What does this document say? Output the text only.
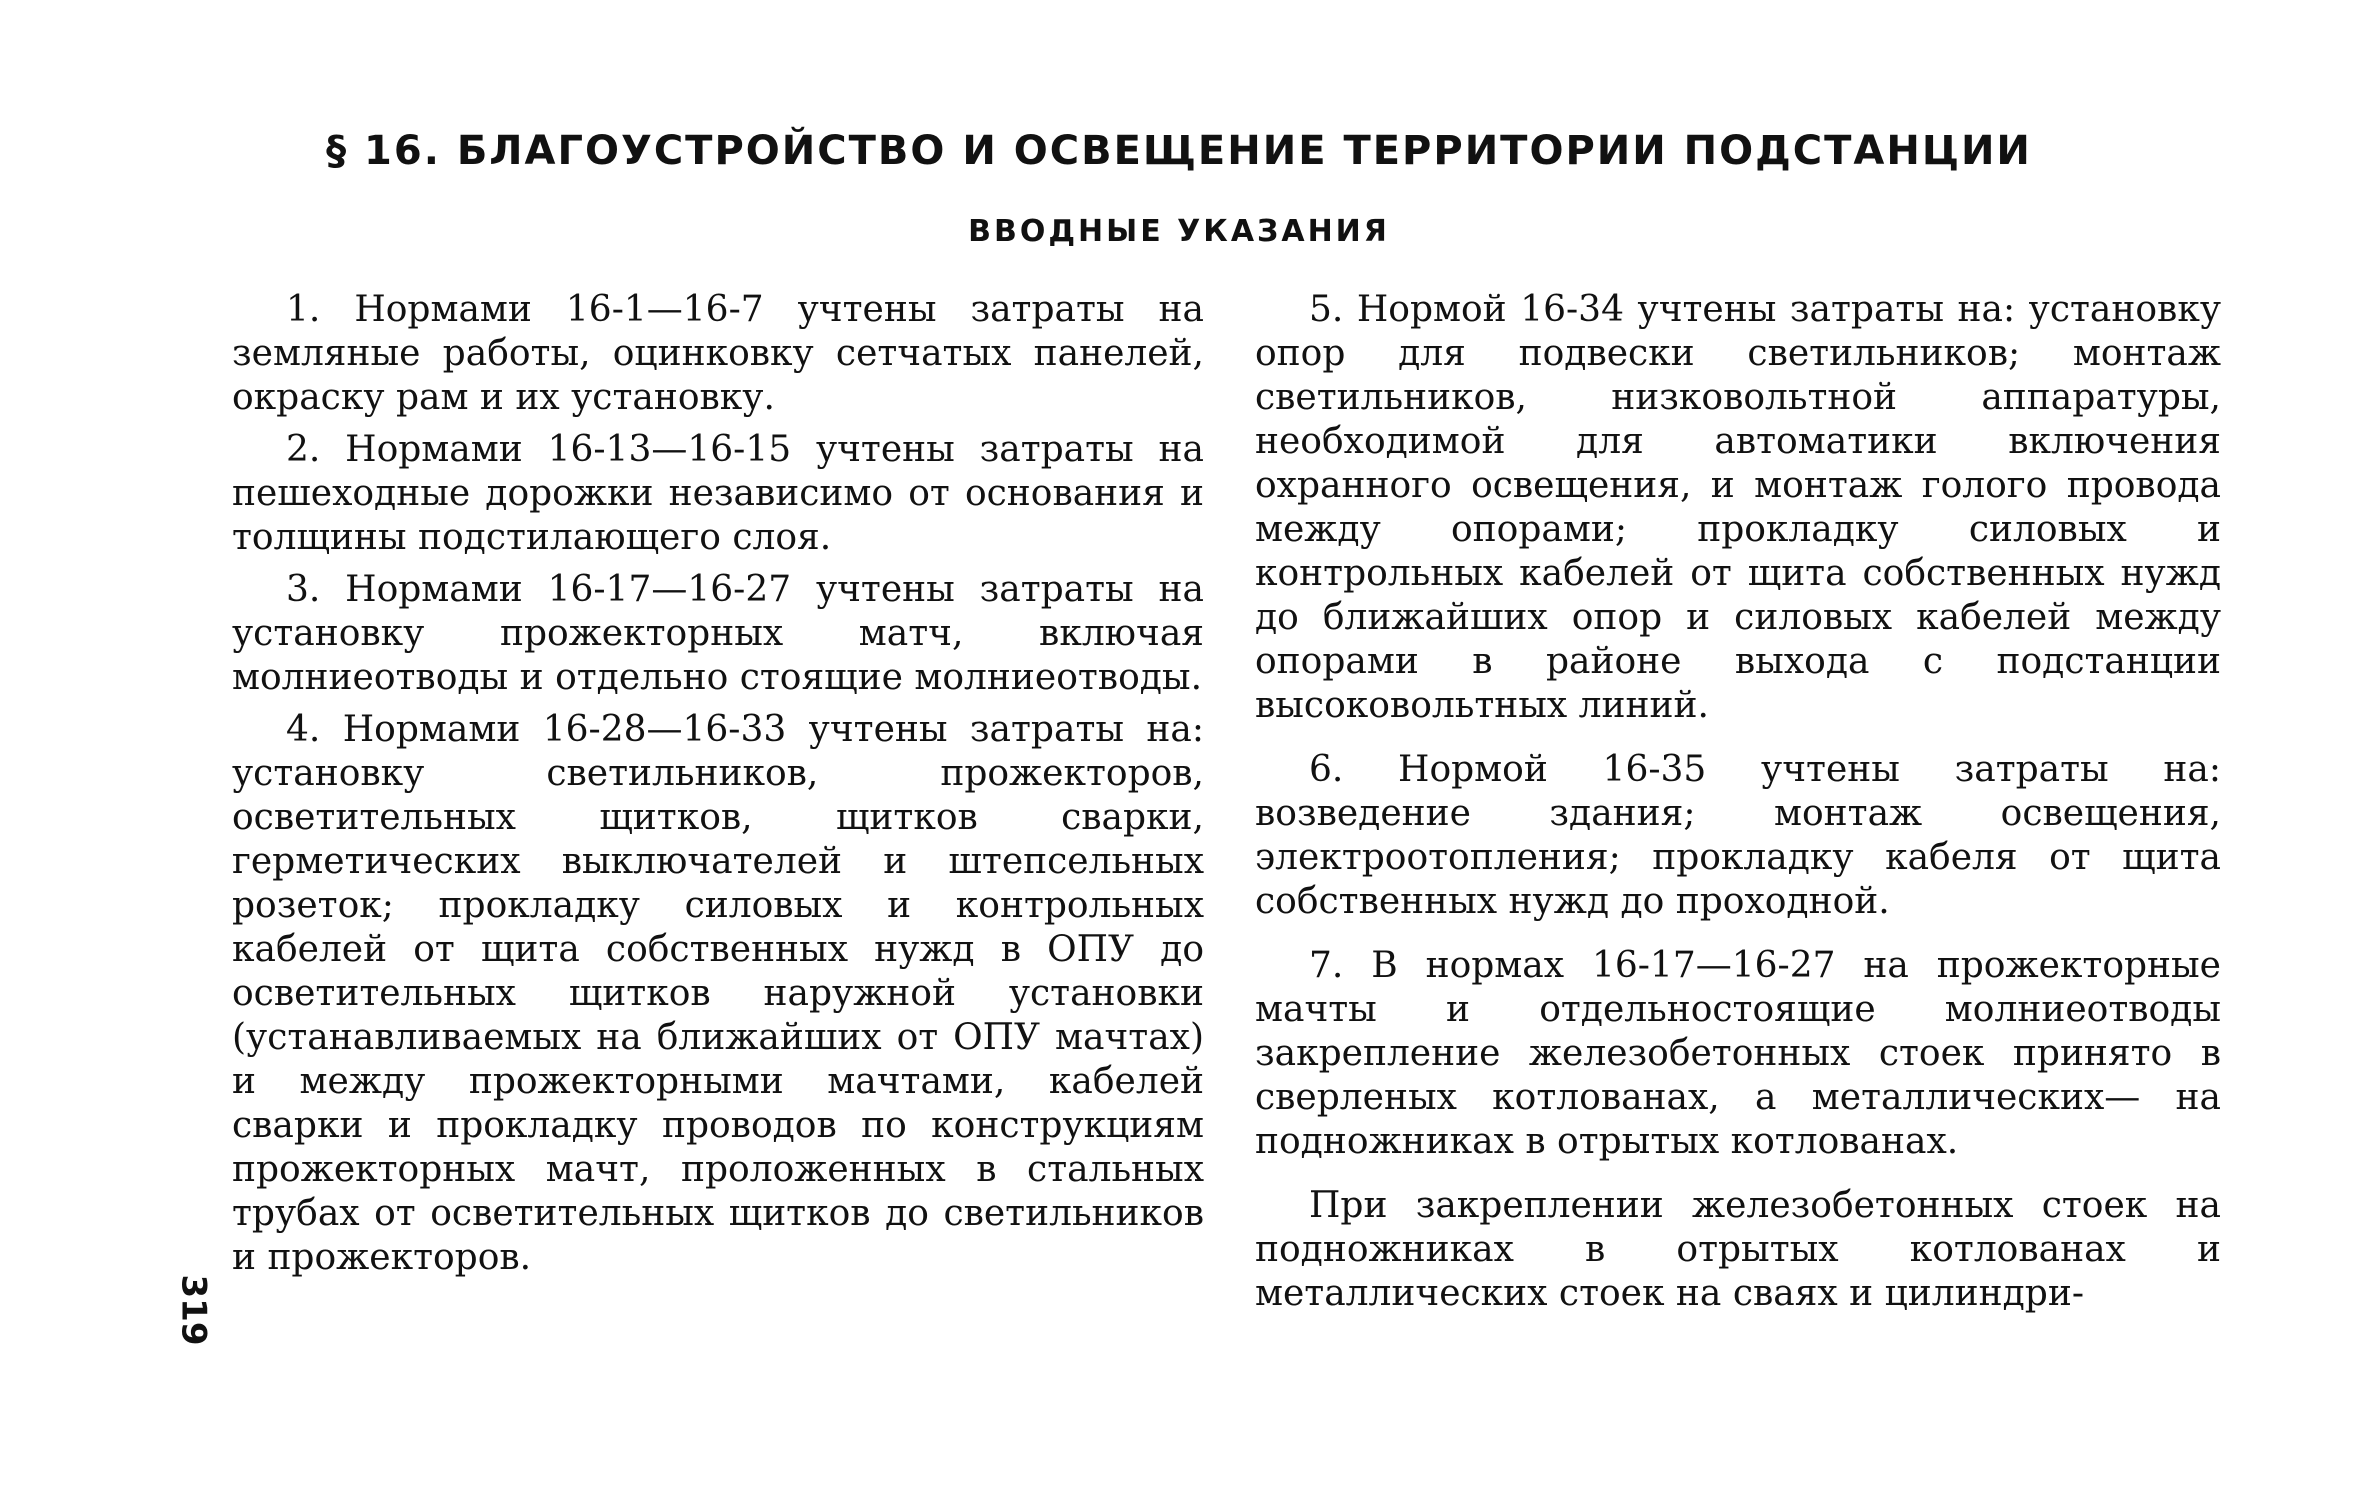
§ 16. БЛАГОУСТРОЙСТВО И ОСВЕЩЕНИЕ ТЕРРИТОРИИ ПОДСТАНЦИИ
ВВОДНЫЕ УКАЗАНИЯ

1. Нормами 16-1—16-7 учтены затраты на земляные работы, оцинковку сетчатых панелей, окраску рам и их установку.

2. Нормами 16-13—16-15 учтены затраты на пешеходные дорожки независимо от основания и толщины подстилающего слоя.

3. Нормами 16-17—16-27 учтены затраты на установку прожекторных матч, включая молниеотводы и отдельно стоящие молниеотводы.

4. Нормами 16-28—16-33 учтены затраты на: установку светильников, прожекторов, осветительных щитков, щитков сварки, герметических выключателей и штепсельных розеток; прокладку силовых и контрольных кабелей от щита собственных нужд в ОПУ до осветительных щитков наружной установки (устанавливаемых на ближайших от ОПУ мачтах) и между прожекторными мачтами, кабелей сварки и прокладку проводов по конструкциям прожекторных мачт, проложенных в стальных трубах от осветительных щитков до светильников и прожекторов.

5. Нормой 16-34 учтены затраты на: установку опор для подвески светильников; монтаж светильников, низковольтной аппаратуры, необходимой для автоматики включения охранного освещения, и монтаж голого провода между опорами; прокладку силовых и контрольных кабелей от щита собственных нужд до ближайших опор и силовых кабелей между опорами в районе выхода с подстанции высоковольтных линий.

6. Нормой 16-35 учтены затраты на: возведение здания; монтаж освещения, электроотопления; прокладку кабеля от щита собственных нужд до проходной.

7. В нормах 16-17—16-27 на прожекторные мачты и отдельностоящие молниеотводы закрепление железобетонных стоек принято в сверленых котлованах, а металлических— на подножниках в отрытых котлованах.

При закреплении железобетонных стоек на подножниках в отрытых котлованах и металлических стоек на сваях и цилиндри-

319
